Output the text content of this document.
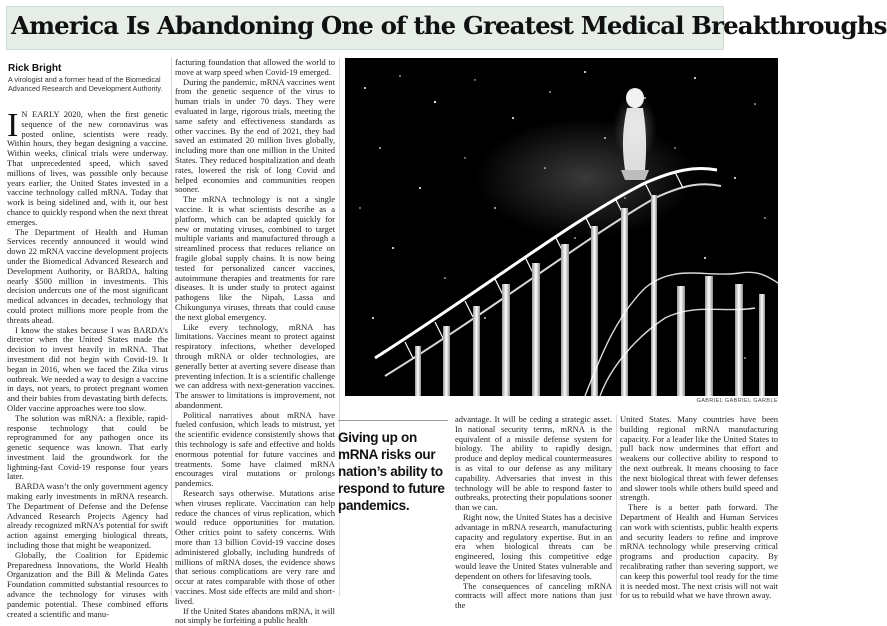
America Is Abandoning One of the Greatest Medical Breakthroughs
Rick Bright
A virologist and a former head of the Biomedical Advanced Research and Development Authority.

I N EARLY 2020, when the first genetic sequence of the new coronavirus was posted online, scientists were ready. Within hours, they began designing a vaccine. Within weeks, clinical trials were underway. That unprecedented speed, which saved millions of lives, was possible only because years earlier, the United States invested in a vaccine technology called mRNA. Today that work is being sidelined and, with it, our best chance to quickly respond when the next threat emerges.

The Department of Health and Human Services recently announced it would wind down 22 mRNA vaccine development projects under the Biomedical Advanced Research and Development Authority, or BARDA, halting nearly $500 million in investments. This decision undercuts one of the most significant medical advances in decades, technology that could protect millions more people from the threats ahead.

I know the stakes because I was BARDA’s director when the United States made the decision to invest heavily in mRNA. That investment did not begin with Covid-19. It began in 2016, when we faced the Zika virus outbreak. We needed a way to design a vaccine in days, not years, to protect pregnant women and their babies from devastating birth defects. Older vaccine approaches were too slow.

The solution was mRNA: a flexible, rapid-response technology that could be reprogrammed for any pathogen once its genetic sequence was known. That early investment laid the groundwork for the lightning-fast Covid-19 response four years later.

BARDA wasn’t the only government agency making early investments in mRNA research. The Department of Defense and the Defense Advanced Research Projects Agency had already recognized mRNA’s potential for swift action against emerging biological threats, including those that might be weaponized.

Globally, the Coalition for Epidemic Preparedness Innovations, the World Health Organization and the Bill & Melinda Gates Foundation committed substantial resources to advance the technology for viruses with pandemic potential. These combined efforts created a scientific and manu-

facturing foundation that allowed the world to move at warp speed when Covid-19 emerged.

During the pandemic, mRNA vaccines went from the genetic sequence of the virus to human trials in under 70 days. They were evaluated in large, rigorous trials, meeting the same safety and effectiveness standards as other vaccines. By the end of 2021, they had saved an estimated 20 million lives globally, including more than one million in the United States. They reduced hospitalization and death rates, lowered the risk of long Covid and helped economies and communities reopen sooner.

The mRNA technology is not a single vaccine. It is what scientists describe as a platform, which can be adapted quickly for new or mutating viruses, combined to target multiple variants and manufactured through a streamlined process that reduces reliance on fragile global supply chains. It is now being tested for personalized cancer vaccines, autoimmune therapies and treatments for rare diseases. It is under study to protect against pathogens like the Nipah, Lassa and Chikungunya viruses, threats that could cause the next global emergency.

Like every technology, mRNA has limitations. Vaccines meant to protect against respiratory infections, whether developed through mRNA or older technologies, are generally better at averting severe disease than preventing infection. It is a scientific challenge we can address with next-generation vaccines. The answer to limitations is improvement, not abandonment.

Political narratives about mRNA have fueled confusion, which leads to mistrust, yet the scientific evidence consistently shows that this technology is safe and effective and holds enormous potential for future vaccines and treatments. Some have claimed mRNA encourages viral mutations or prolongs pandemics.

Research says otherwise. Mutations arise when viruses replicate. Vaccination can help reduce the chances of virus replication, which would reduce opportunities for mutation. Other critics point to safety concerns. With more than 13 billion Covid-19 vaccine doses administered globally, including hundreds of millions of mRNA doses, the evidence shows that serious complications are very rare and occur at rates comparable with those of other vaccines. Most side effects are mild and short-lived.

If the United States abandons mRNA, it will not simply be forfeiting a public health

GABRIEL GABRIEL GARBLE
Giving up on mRNA risks our nation’s ability to respond to future pandemics.

advantage. It will be ceding a strategic asset. In national security terms, mRNA is the equivalent of a missile defense system for biology. The ability to rapidly design, produce and deploy medical countermeasures is as vital to our defense as any military capability. Adversaries that invest in this technology will be able to respond faster to outbreaks, protecting their populations sooner than we can.

Right now, the United States has a decisive advantage in mRNA research, manufacturing capacity and regulatory expertise. But in an era when biological threats can be engineered, losing this competitive edge would leave the United States vulnerable and dependent on others for lifesaving tools.

The consequences of canceling mRNA contracts will affect more nations than just the

United States. Many countries have been building regional mRNA manufacturing capacity. For a leader like the United States to pull back now undermines that effort and weakens our collective ability to respond to the next outbreak. It means choosing to face the next biological threat with fewer defenses and slower tools while others build speed and strength.

There is a better path forward. The Department of Health and Human Services can work with scientists, public health experts and security leaders to refine and improve mRNA technology while preserving critical programs and production capacity. By recalibrating rather than severing support, we can keep this powerful tool ready for the time it is needed most. The next crisis will not wait for us to rebuild what we have thrown away.
